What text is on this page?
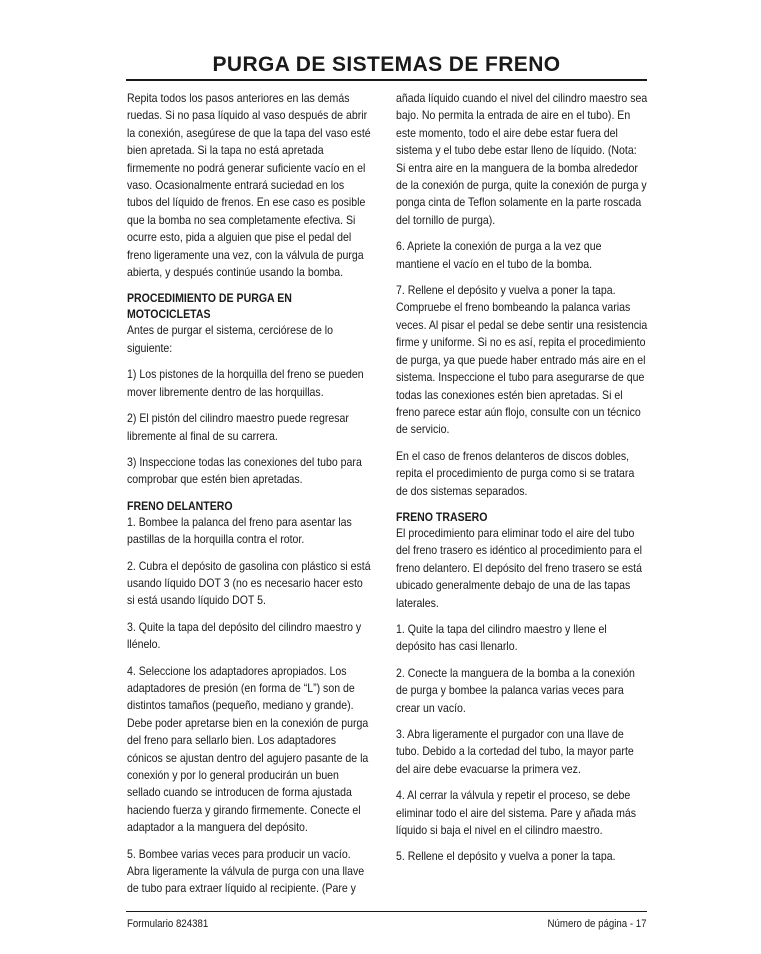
PURGA DE SISTEMAS DE FRENO

Repita todos los pasos anteriores en las demás ruedas. Si no pasa líquido al vaso después de abrir la conexión, asegúrese de que la tapa del vaso esté bien apretada. Si la tapa no está apretada firmemente no podrá generar suficiente vacío en el vaso. Ocasionalmente entrará suciedad en los tubos del líquido de frenos. En ese caso es posible que la bomba no sea completamente efectiva. Si ocurre esto, pida a alguien que pise el pedal del freno ligeramente una vez, con la válvula de purga abierta, y después continúe usando la bomba.

PROCEDIMIENTO DE PURGA EN MOTOCICLETAS

Antes de purgar el sistema, cerciórese de lo siguiente:

1) Los pistones de la horquilla del freno se pueden mover libremente dentro de las horquillas.

2) El pistón del cilindro maestro puede regresar libremente al final de su carrera.

3) Inspeccione todas las conexiones del tubo para comprobar que estén bien apretadas.

FRENO DELANTERO

1. Bombee la palanca del freno para asentar las pastillas de la horquilla contra el rotor.

2. Cubra el depósito de gasolina con plástico si está usando líquido DOT 3 (no es necesario hacer esto si está usando líquido DOT 5.

3. Quite la tapa del depósito del cilindro maestro y llénelo.

4. Seleccione los adaptadores apropiados. Los adaptadores de presión (en forma de “L”) son de distintos tamaños (pequeño, mediano y grande). Debe poder apretarse bien en la conexión de purga del freno para sellarlo bien. Los adaptadores cónicos se ajustan dentro del agujero pasante de la conexión y por lo general producirán un buen sellado cuando se introducen de forma ajustada haciendo fuerza y girando firmemente. Conecte el adaptador a la manguera del depósito.

5. Bombee varias veces para producir un vacío. Abra ligeramente la válvula de purga con una llave de tubo para extraer líquido al recipiente. (Pare y

añada líquido cuando el nivel del cilindro maestro sea bajo. No permita la entrada de aire en el tubo). En este momento, todo el aire debe estar fuera del sistema y el tubo debe estar lleno de líquido. (Nota: Si entra aire en la manguera de la bomba alrededor de la conexión de purga, quite la conexión de purga y ponga cinta de Teflon solamente en la parte roscada del tornillo de purga).

6. Apriete la conexión de purga a la vez que mantiene el vacío en el tubo de la bomba.

7. Rellene el depósito y vuelva a poner la tapa. Compruebe el freno bombeando la palanca varias veces. Al pisar el pedal se debe sentir una resistencia firme y uniforme. Si no es así, repita el procedimiento de purga, ya que puede haber entrado más aire en el sistema. Inspeccione el tubo para asegurarse de que todas las conexiones estén bien apretadas. Si el freno parece estar aún flojo, consulte con un técnico de servicio.

En el caso de frenos delanteros de discos dobles, repita el procedimiento de purga como si se tratara de dos sistemas separados.

FRENO TRASERO

El procedimiento para eliminar todo el aire del tubo del freno trasero es idéntico al procedimiento para el freno delantero. El depósito del freno trasero se está ubicado generalmente debajo de una de las tapas laterales.

1. Quite la tapa del cilindro maestro y llene el depósito has casi llenarlo.

2. Conecte la manguera de la bomba a la conexión de purga y bombee la palanca varias veces para crear un vacío.

3. Abra ligeramente el purgador con una llave de tubo. Debido a la cortedad del tubo, la mayor parte del aire debe evacuarse la primera vez.

4. Al cerrar la válvula y repetir el proceso, se debe eliminar todo el aire del sistema. Pare y añada más líquido si baja el nivel en el cilindro maestro.

5. Rellene el depósito y vuelva a poner la tapa.

Formulario 824381	Número de página - 17
